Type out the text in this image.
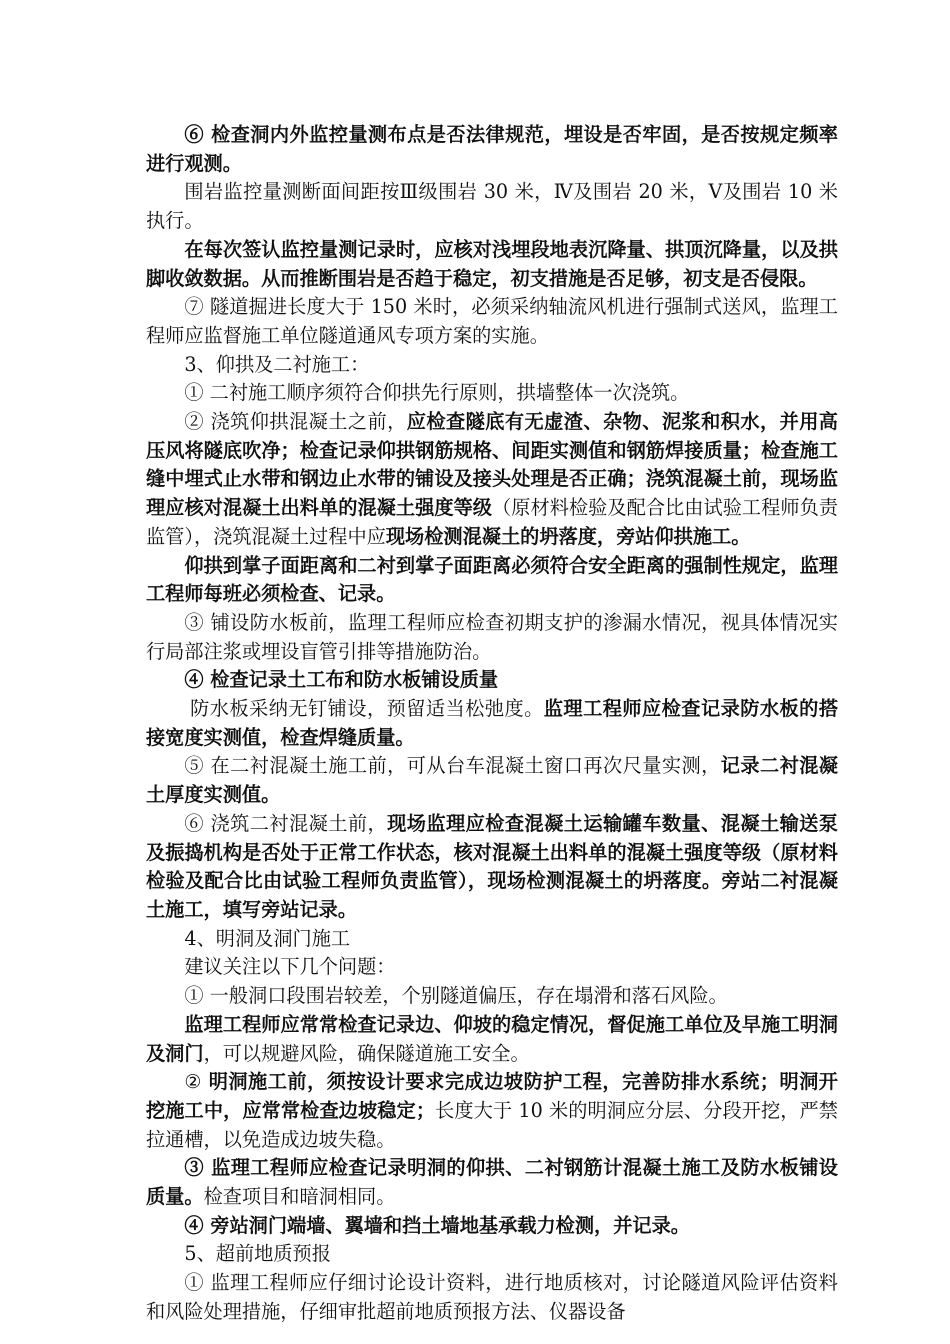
⑥ 检查洞内外监控量测布点是否法律规范，埋设是否牢固，是否按规定频率进行观测。

围岩监控量测断面间距按Ⅲ级围岩 30 米，Ⅳ及围岩 20 米，Ⅴ及围岩 10 米执行。

在每次签认监控量测记录时，应核对浅埋段地表沉降量、拱顶沉降量，以及拱脚收敛数据。从而推断围岩是否趋于稳定，初支措施是否足够，初支是否侵限。

⑦ 隧道掘进长度大于 150 米时，必须采纳轴流风机进行强制式送风，监理工程师应监督施工单位隧道通风专项方案的实施。

3、仰拱及二衬施工：

① 二衬施工顺序须符合仰拱先行原则，拱墙整体一次浇筑。

② 浇筑仰拱混凝土之前，应检查隧底有无虚渣、杂物、泥浆和积水，并用高压风将隧底吹净；检查记录仰拱钢筋规格、间距实测值和钢筋焊接质量；检查施工缝中埋式止水带和钢边止水带的铺设及接头处理是否正确；浇筑混凝土前，现场监理应核对混凝土出料单的混凝土强度等级（原材料检验及配合比由试验工程师负责监管），浇筑混凝土过程中应现场检测混凝土的坍落度，旁站仰拱施工。

仰拱到掌子面距离和二衬到掌子面距离必须符合安全距离的强制性规定，监理工程师每班必须检查、记录。

③ 铺设防水板前，监理工程师应检查初期支护的渗漏水情况，视具体情况实行局部注浆或埋设盲管引排等措施防治。

④ 检查记录土工布和防水板铺设质量

防水板采纳无钉铺设，预留适当松弛度。监理工程师应检查记录防水板的搭接宽度实测值，检查焊缝质量。

⑤ 在二衬混凝土施工前，可从台车混凝土窗口再次尺量实测，记录二衬混凝土厚度实测值。

⑥ 浇筑二衬混凝土前，现场监理应检查混凝土运输罐车数量、混凝土输送泵及振捣机构是否处于正常工作状态，核对混凝土出料单的混凝土强度等级（原材料检验及配合比由试验工程师负责监管），现场检测混凝土的坍落度。旁站二衬混凝土施工，填写旁站记录。

4、明洞及洞门施工

建议关注以下几个问题：

① 一般洞口段围岩较差，个别隧道偏压，存在塌滑和落石风险。

监理工程师应常常检查记录边、仰坡的稳定情况，督促施工单位及早施工明洞及洞门，可以规避风险，确保隧道施工安全。

② 明洞施工前，须按设计要求完成边坡防护工程，完善防排水系统；明洞开挖施工中，应常常检查边坡稳定；长度大于 10 米的明洞应分层、分段开挖，严禁拉通槽，以免造成边坡失稳。

③ 监理工程师应检查记录明洞的仰拱、二衬钢筋计混凝土施工及防水板铺设质量。检查项目和暗洞相同。

④ 旁站洞门端墙、翼墙和挡土墙地基承载力检测，并记录。

5、超前地质预报

① 监理工程师应仔细讨论设计资料，进行地质核对，讨论隧道风险评估资料和风险处理措施，仔细审批超前地质预报方法、仪器设备
